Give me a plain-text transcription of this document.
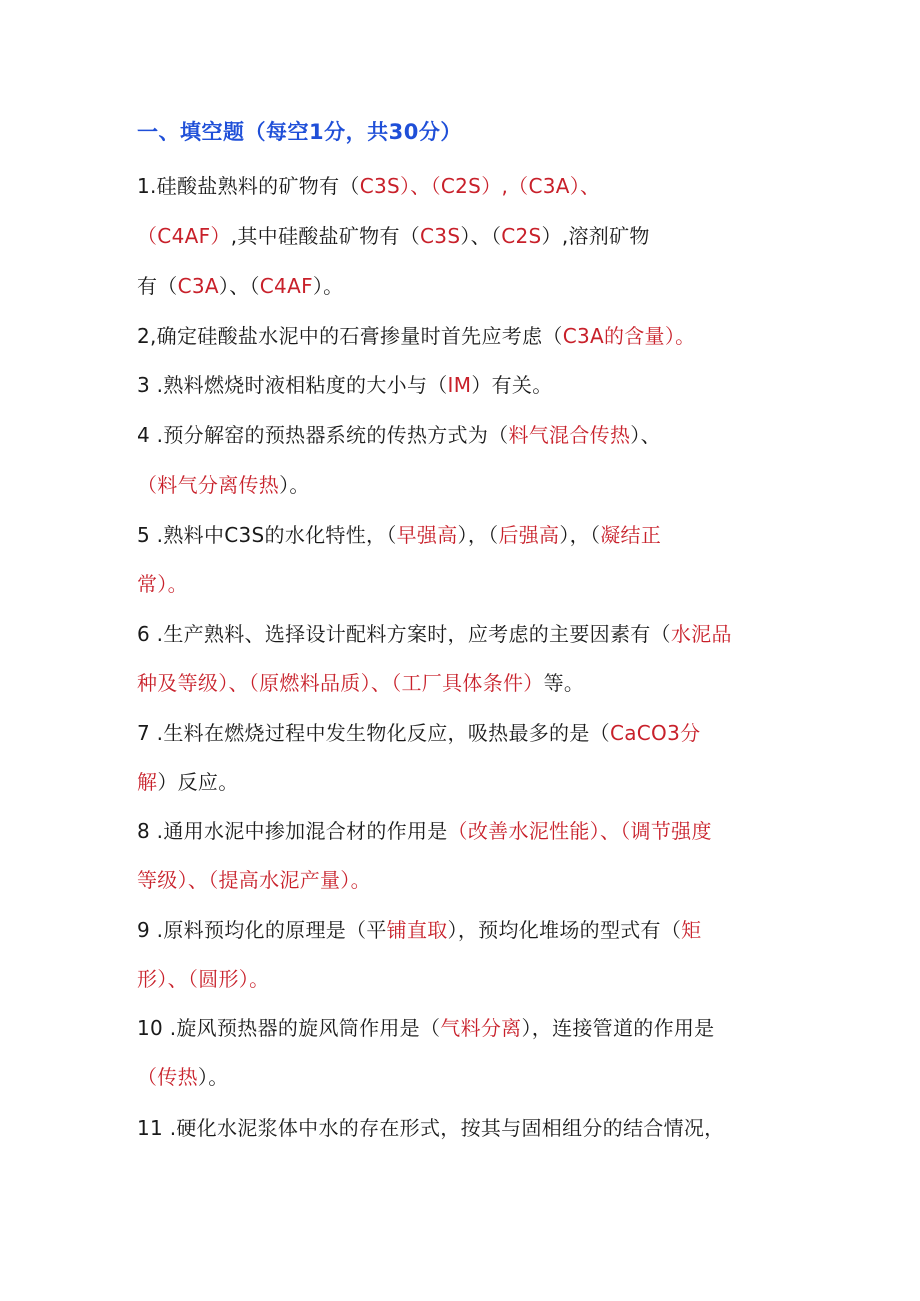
一、填空题（每空1分，共30分）
1.硅酸盐熟料的矿物有（C3S）、（C2S）,（C3A）、
（C4AF）,其中硅酸盐矿物有（C3S）、（C2S）,溶剂矿物
有（C3A）、（C4AF）。
2,确定硅酸盐水泥中的石膏掺量时首先应考虑（C3A的含量）。
3 .熟料燃烧时液相粘度的大小与（IM）有关。
4 .预分解窑的预热器系统的传热方式为（料气混合传热）、
（料气分离传热）。
5 .熟料中C3S的水化特性，（早强高），（后强高），（凝结正
常）。
6 .生产熟料、选择设计配料方案时，应考虑的主要因素有（水泥品
种及等级）、（原燃料品质）、（工厂具体条件）等。
7 .生料在燃烧过程中发生物化反应，吸热最多的是（CaCO3分
解）反应。
8 .通用水泥中掺加混合材的作用是（改善水泥性能）、（调节强度
等级）、（提高水泥产量）。
9 .原料预均化的原理是（平铺直取），预均化堆场的型式有（矩
形）、（圆形）。
10 .旋风预热器的旋风筒作用是（气料分离），连接管道的作用是
（传热）。
11 .硬化水泥浆体中水的存在形式，按其与固相组分的结合情况，
